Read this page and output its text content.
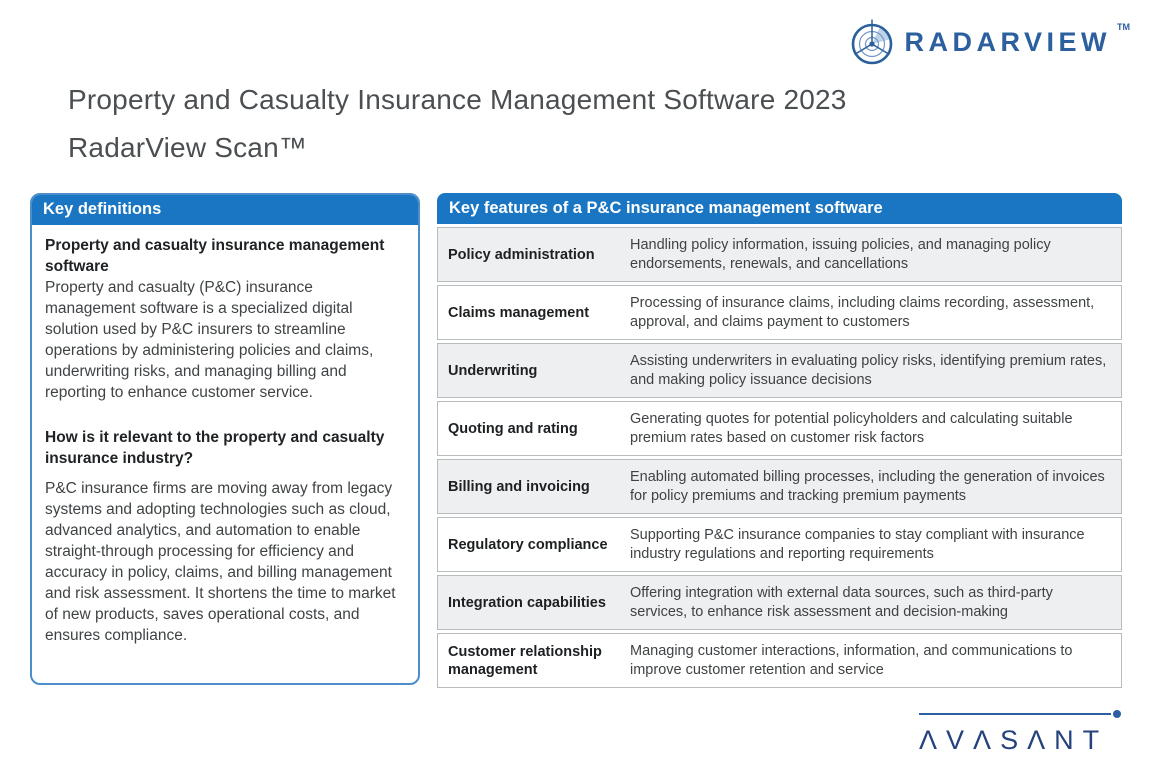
RADARVIEW TM
Property and Casualty Insurance Management Software 2023
RadarView Scan™
Key definitions

Property and casualty insurance management software

Property and casualty (P&C) insurance management software is a specialized digital solution used by P&C insurers to streamline operations by administering policies and claims, underwriting risks, and managing billing and reporting to enhance customer service.

How is it relevant to the property and casualty insurance industry?

P&C insurance firms are moving away from legacy systems and adopting technologies such as cloud, advanced analytics, and automation to enable straight-through processing for efficiency and accuracy in policy, claims, and billing management and risk assessment. It shortens the time to market of new products, saves operational costs, and ensures compliance.

Key features of a P&C insurance management software
Policy administration
Handling policy information, issuing policies, and managing policy endorsements, renewals, and cancellations
Claims management
Processing of insurance claims, including claims recording, assessment, approval, and claims payment to customers
Underwriting
Assisting underwriters in evaluating policy risks, identifying premium rates, and making policy issuance decisions
Quoting and rating
Generating quotes for potential policyholders and calculating suitable premium rates based on customer risk factors
Billing and invoicing
Enabling automated billing processes, including the generation of invoices for policy premiums and tracking premium payments
Regulatory compliance
Supporting P&C insurance companies to stay compliant with insurance industry regulations and reporting requirements
Integration capabilities
Offering integration with external data sources, such as third-party services, to enhance risk assessment and decision-making
Customer relationship management
Managing customer interactions, information, and communications to improve customer retention and service
ΛVΛSΛNT
